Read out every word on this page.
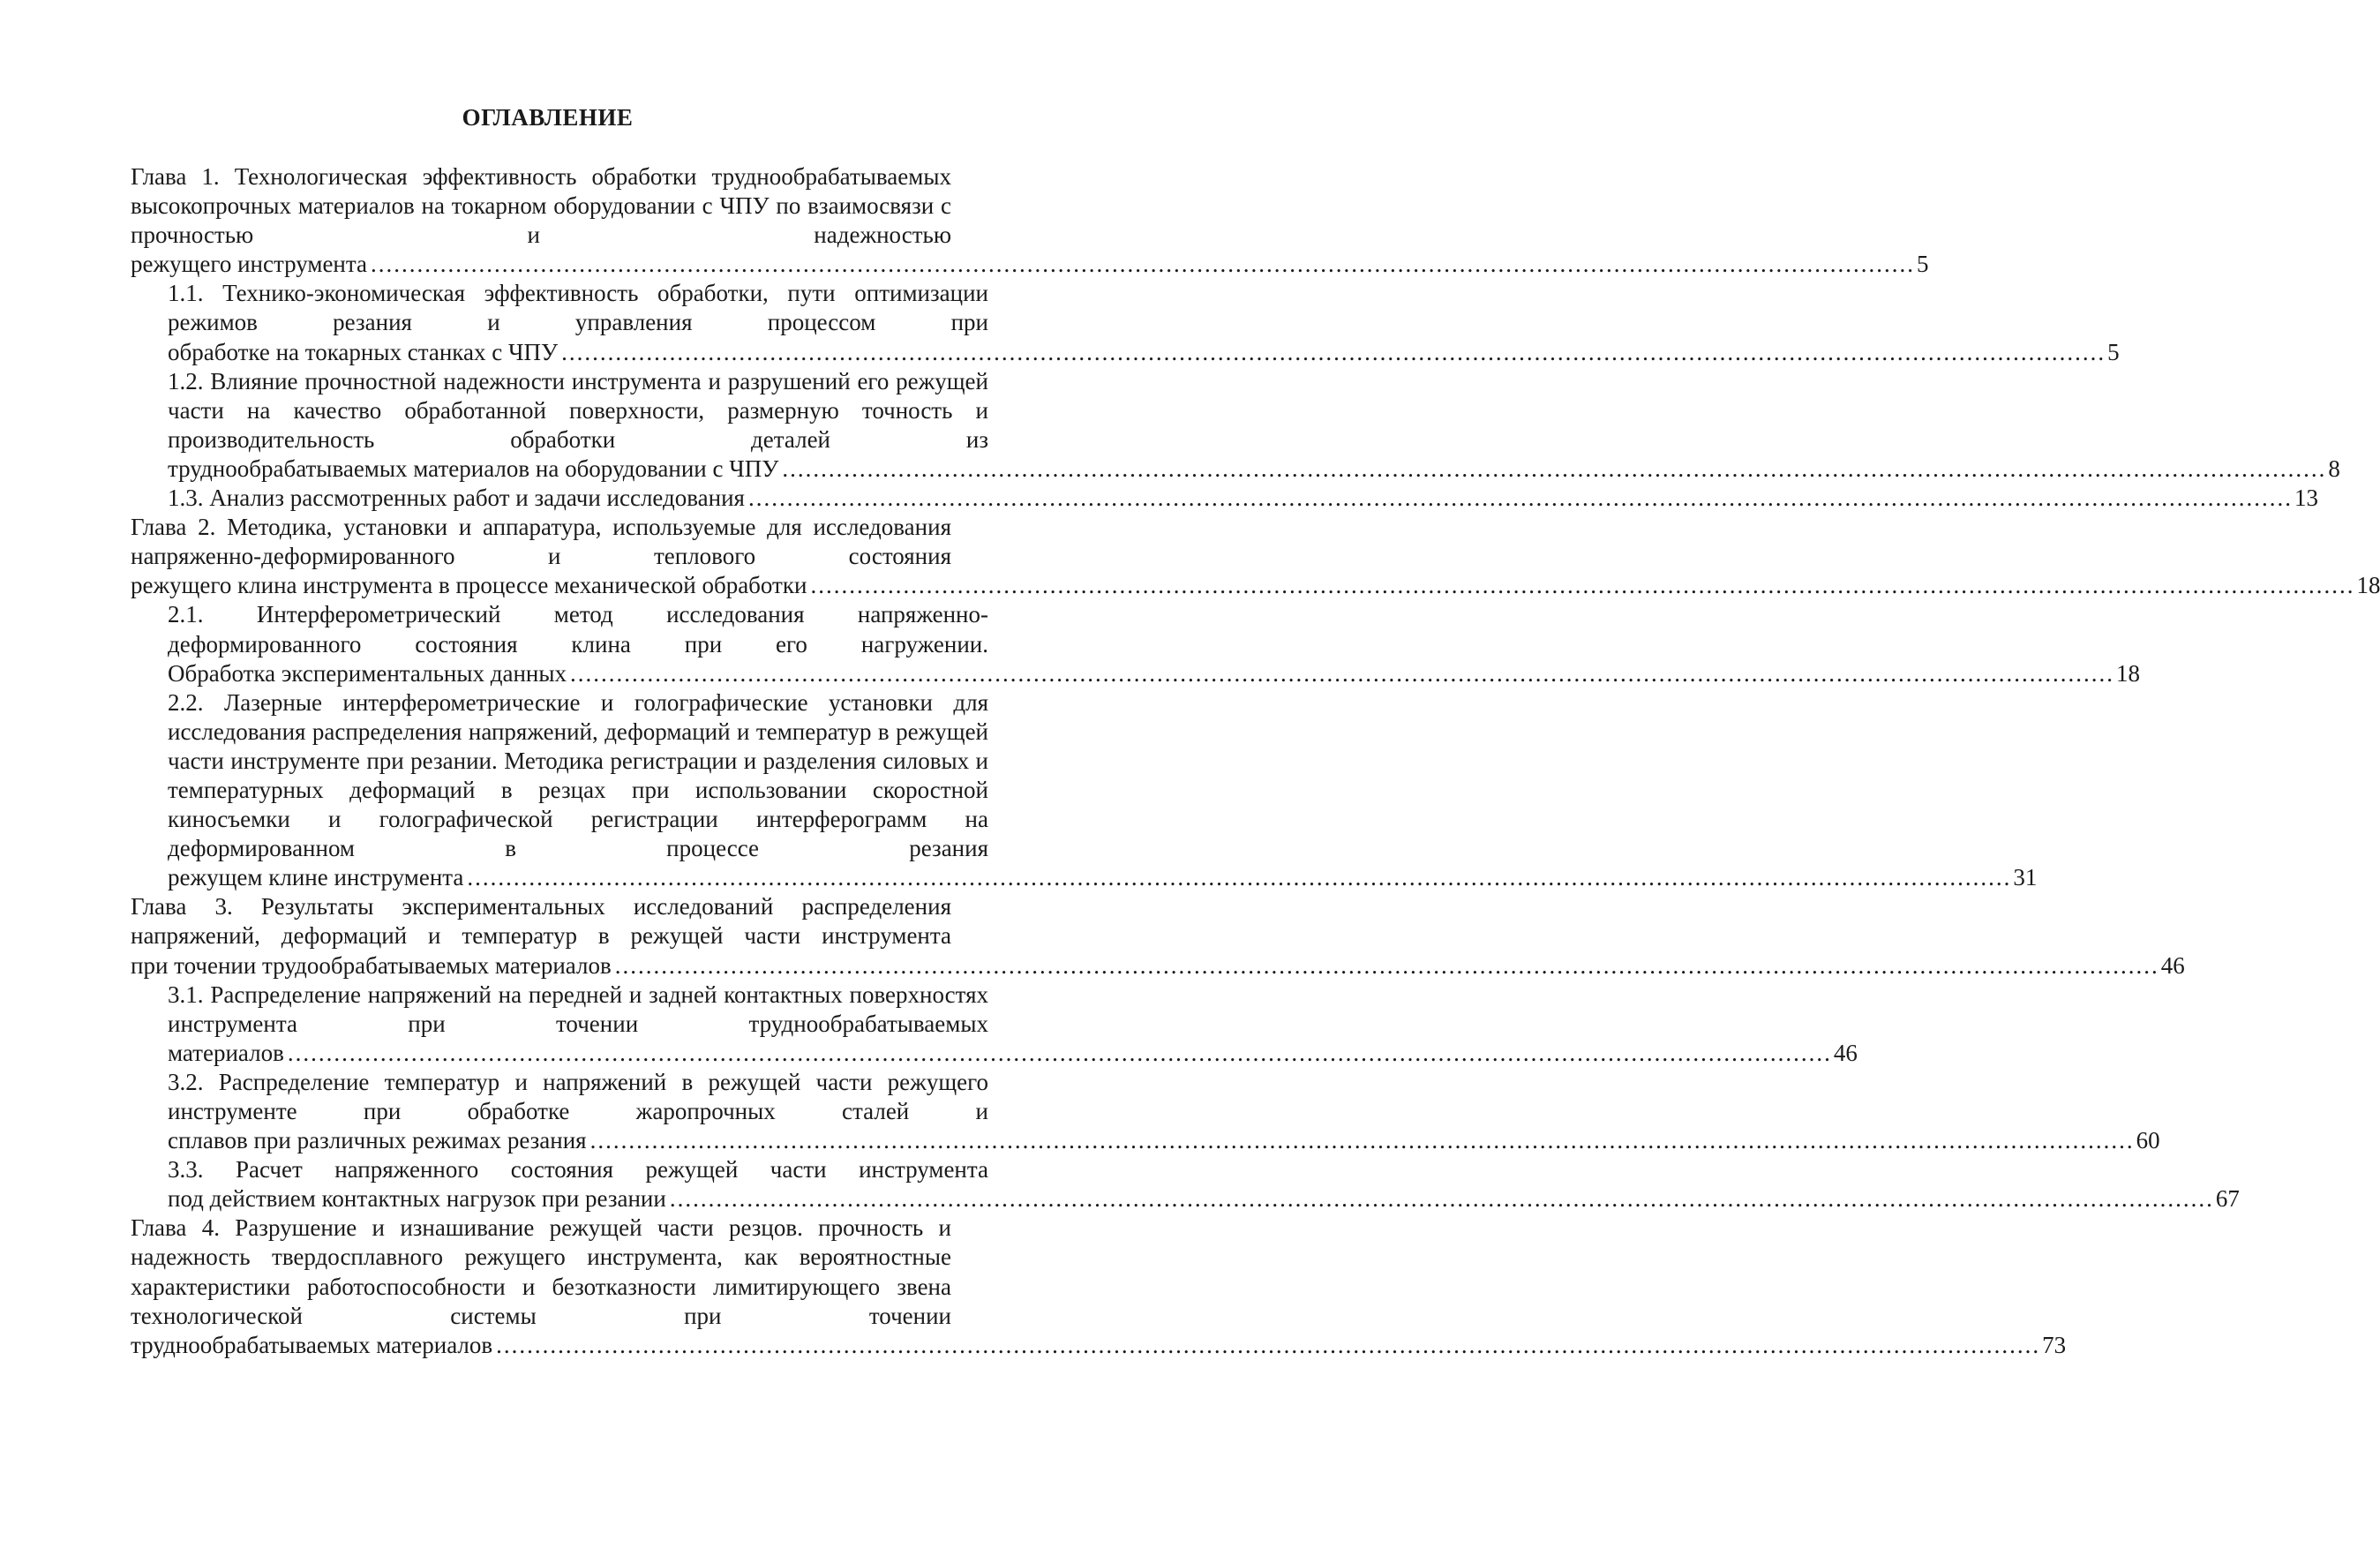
ОГЛАВЛЕНИЕ
Глава 1. Технологическая эффективность обработки труднообрабатываемых высокопрочных материалов на токарном оборудовании с ЧПУ по взаимосвязи с прочностью и надежностью
режущего инструмента ........................................................................................................................................................................................................ 5
1.1. Технико-экономическая эффективность обработки, пути оптимизации режимов резания и управления процессом при
обработке на токарных станках с ЧПУ ........................................................................................................................................................................................................ 5
1.2. Влияние прочностной надежности инструмента и разрушений его режущей части на качество обработанной поверхности, размерную точность и производительность обработки деталей из
труднообрабатываемых материалов на оборудовании с ЧПУ ........................................................................................................................................................................................................ 8
1.3. Анализ рассмотренных работ и задачи исследования ........................................................................................................................................................................................................ 13
Глава 2. Методика, установки и аппаратура, используемые для исследования напряженно-деформированного и теплового состояния
режущего клина инструмента в процессе механической обработки ........................................................................................................................................................................................................ 18
2.1. Интерферометрический метод исследования напряженно-деформированного состояния клина при его нагружении.
Обработка экспериментальных данных ........................................................................................................................................................................................................ 18
2.2. Лазерные интерферометрические и голографические установки для исследования распределения напряжений, деформаций и температур в режущей части инструменте при резании. Методика регистрации и разделения силовых и температурных деформаций в резцах при использовании скоростной киносъемки и голографической регистрации интерферограмм на деформированном в процессе резания
режущем клине инструмента ........................................................................................................................................................................................................ 31
Глава 3. Результаты экспериментальных исследований распределения напряжений, деформаций и температур в режущей части инструмента
при точении трудообрабатываемых материалов ........................................................................................................................................................................................................ 46
3.1. Распределение напряжений на передней и задней контактных поверхностях инструмента при точении труднообрабатываемых
материалов ........................................................................................................................................................................................................ 46
3.2. Распределение температур и напряжений в режущей части режущего инструменте при обработке жаропрочных сталей и
сплавов при различных режимах резания ........................................................................................................................................................................................................ 60
3.3. Расчет напряженного состояния режущей части инструмента
под действием контактных нагрузок при резании ........................................................................................................................................................................................................ 67
Глава 4. Разрушение и изнашивание режущей части резцов. прочность и надежность твердосплавного режущего инструмента, как вероятностные характеристики работоспособности и безотказности лимитирующего звена технологической системы при точении
труднообрабатываемых материалов ........................................................................................................................................................................................................ 73
